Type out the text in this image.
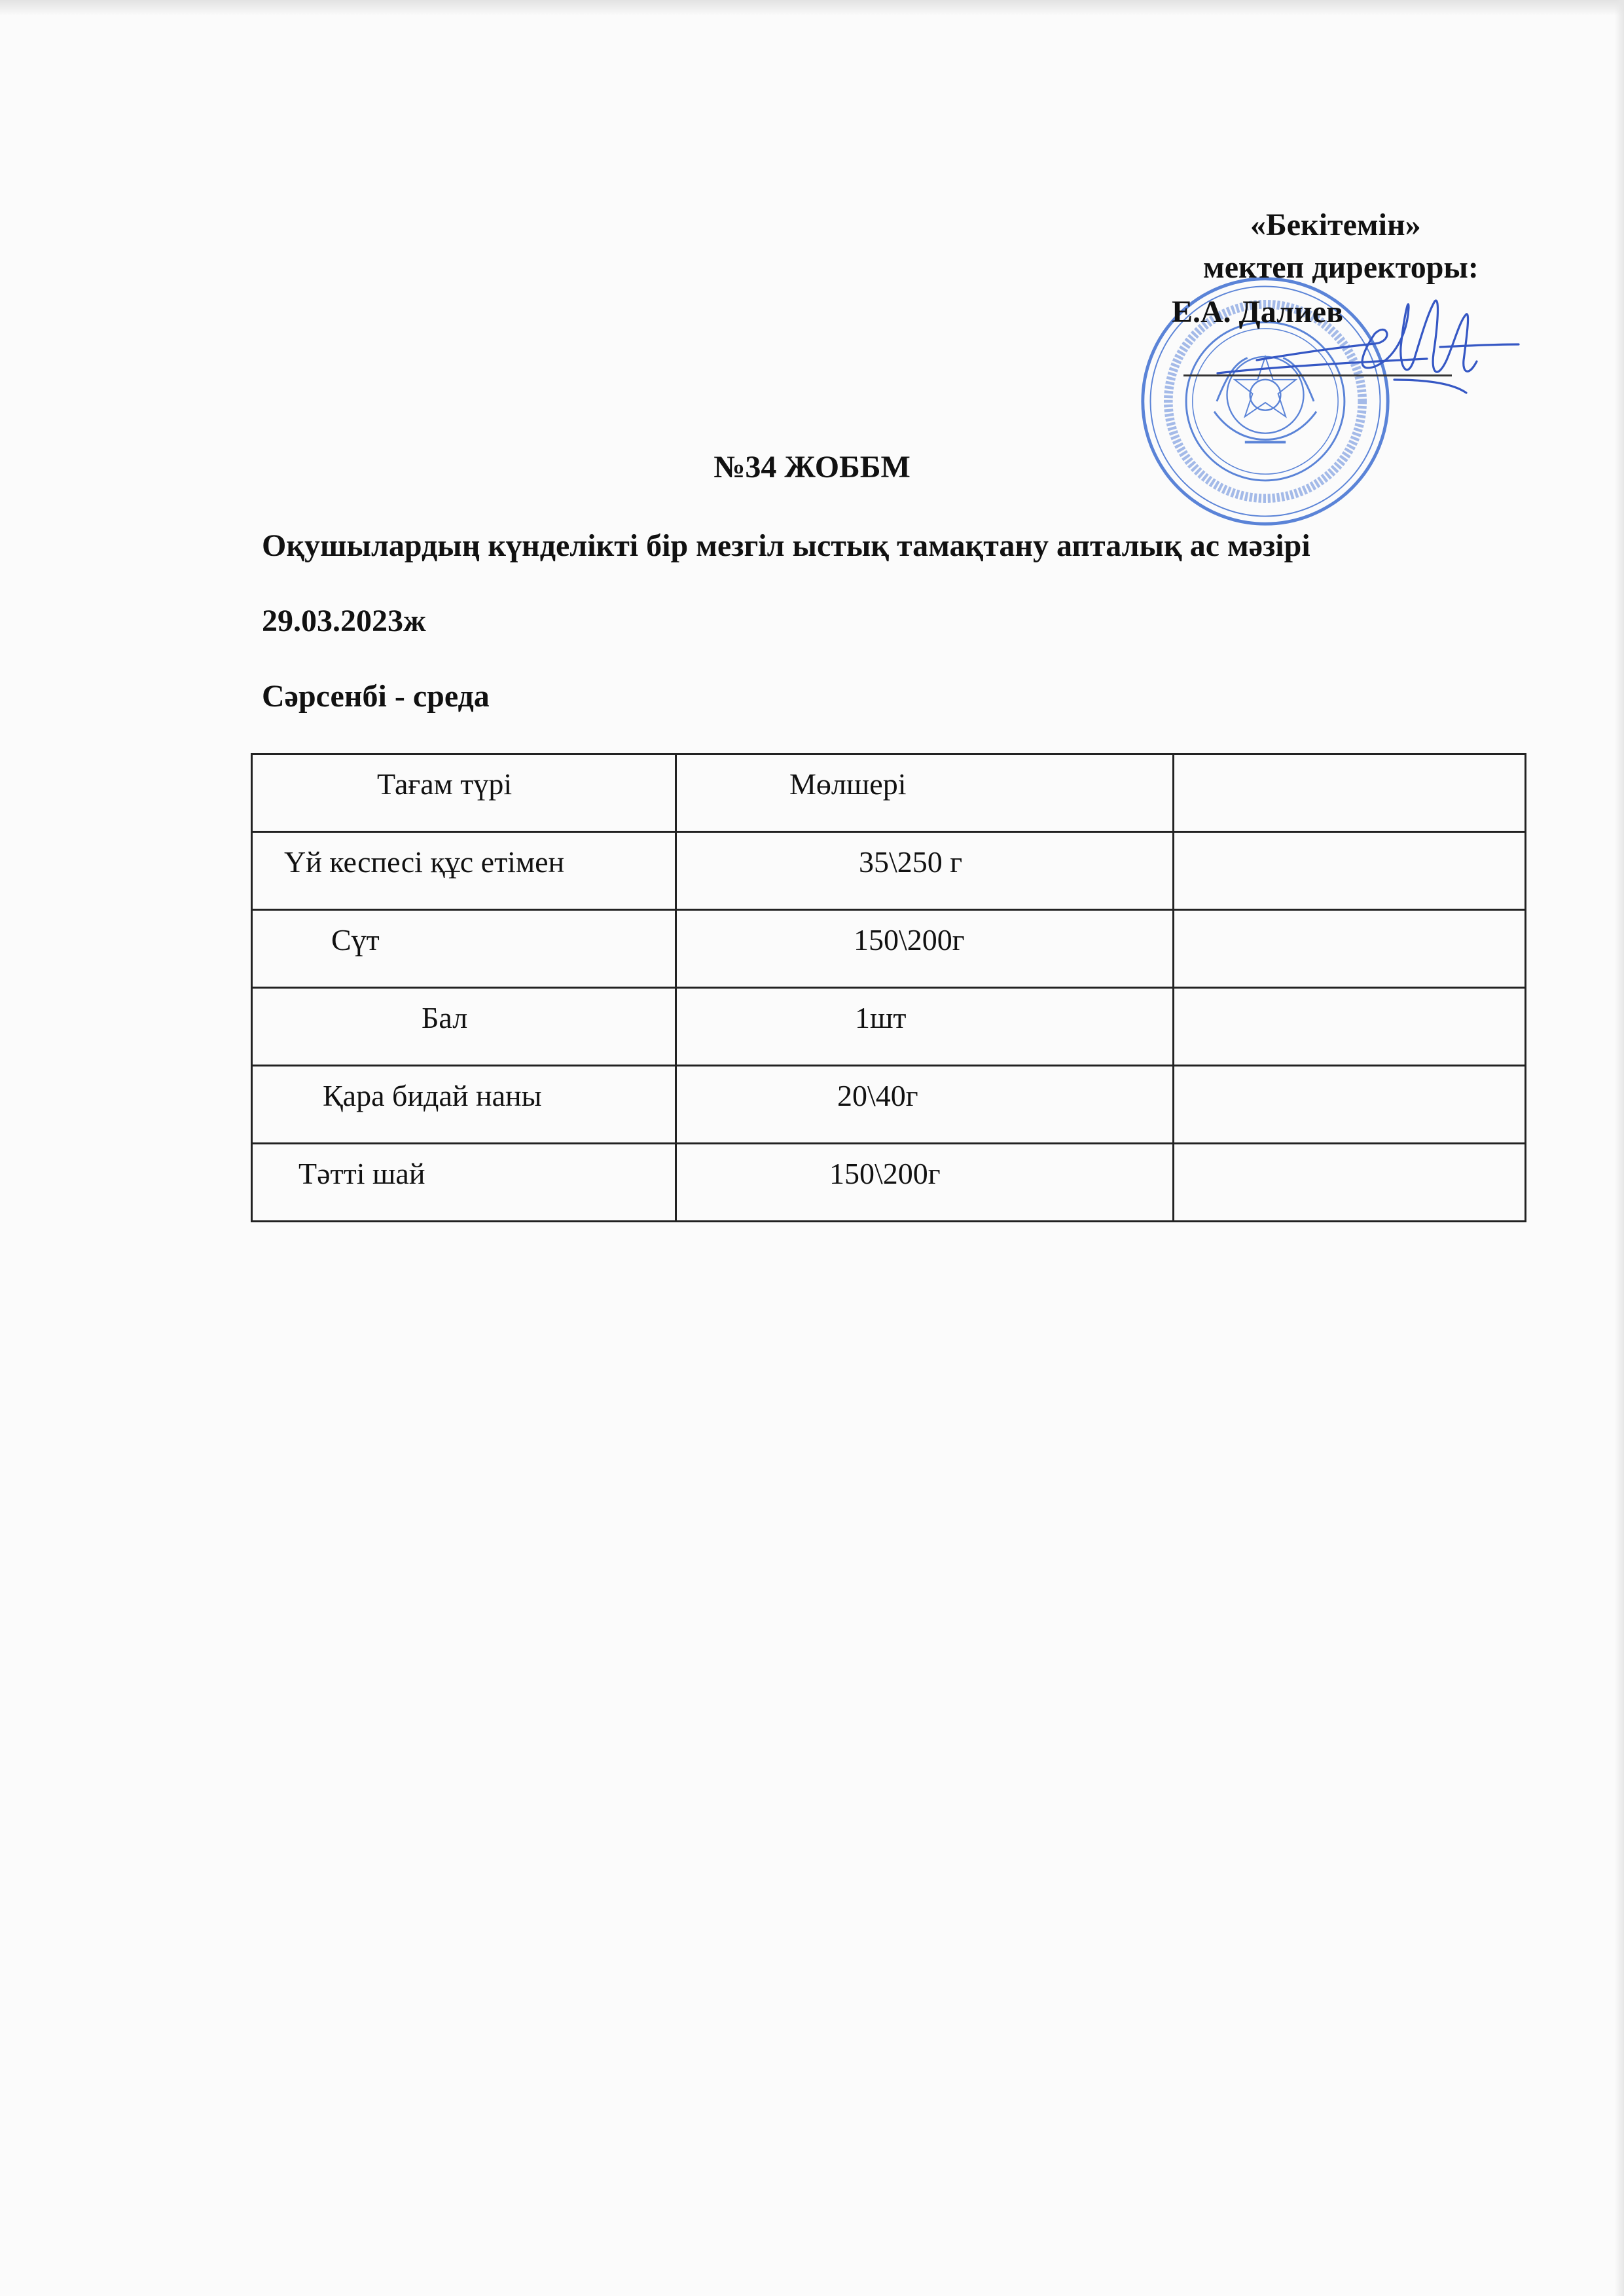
«Бекітемін»
мектеп директоры:
Е.А. Далиев
№34 ЖОББМ
Оқушылардың күнделікті бір мезгіл ыстық тамақтану апталық ас мәзірі
29.03.2023ж
Сәрсенбі - среда
Тағам түрі	Мөлшері	

Үй кеспесі құс етімен	35\250 г	

Сүт	150\200г	

Бал	1шт	

Қара бидай наны	20\40г	

Тәтті шай	150\200г	
